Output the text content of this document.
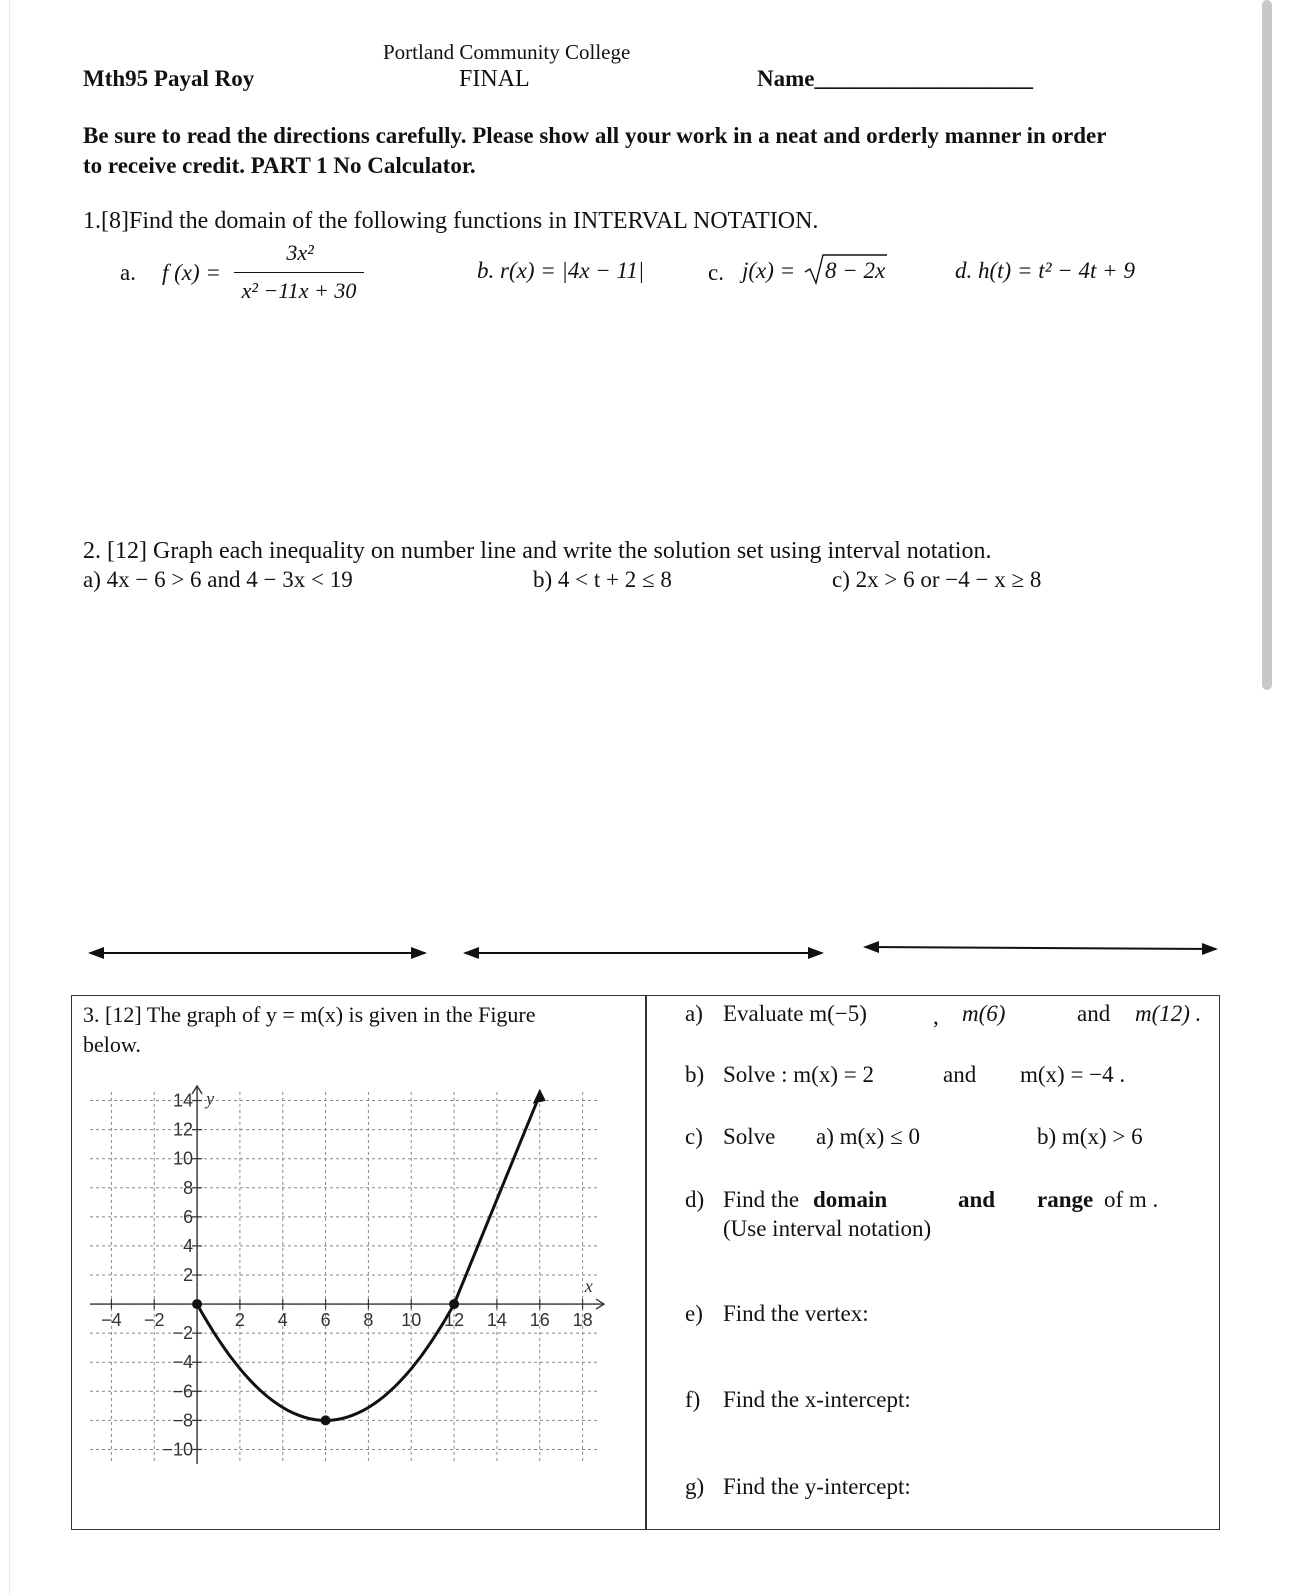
Portland Community College
FINAL
Mth95 Payal Roy	Name___________________
Be sure to read the directions carefully. Please show all your work in a neat and orderly manner in order
to receive credit. PART 1 No Calculator.
1.[8]Find the domain of the following functions in INTERVAL NOTATION.
a. f (x) =
3x²
x² −11x + 30
b. r(x) = |4x − 11|	c. j(x) = 8 − 2x	d. h(t) = t² − 4t + 9
2. [12] Graph each inequality on number line and write the solution set using interval notation.
a) 4x − 6 > 6 and 4 − 3x < 19	b) 4 < t + 2 ≤ 8	c) 2x > 6 or −4 − x ≥ 8
3. [12] The graph of y = m(x) is given in the Figure
below.
−4 −2	2 4 6 8 10 12 14 16 18
14
12
10
8
6
4
2
−2
−4
−6
−8
−10
x
y
a) Evaluate m(−5)	, m(6)	and m(12) .
b) Solve : m(x) = 2	and m(x) = −4 .
c) Solve a) m(x) ≤ 0	b) m(x) > 6
d) Find the domain	and range of m .
(Use interval notation)
e) Find the vertex:
f) Find the x-intercept:
g) Find the y-intercept:
